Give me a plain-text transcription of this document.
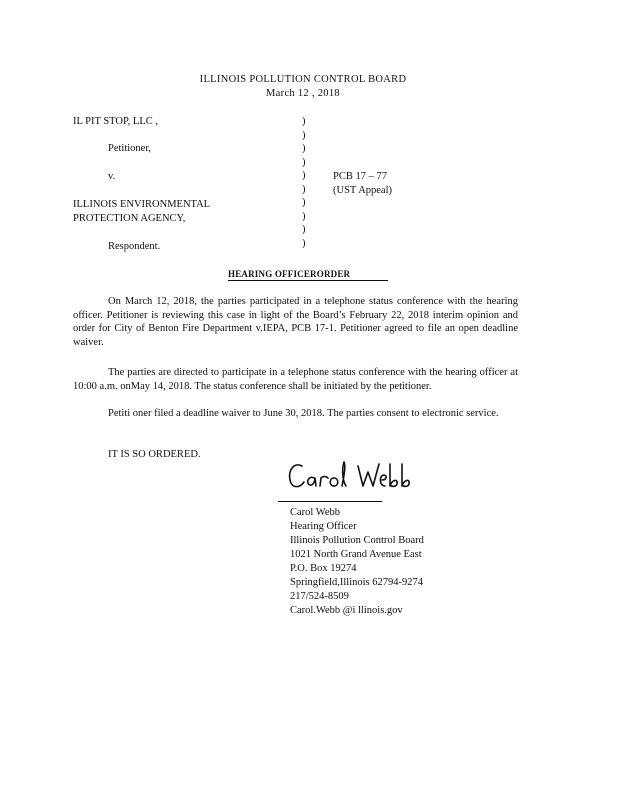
ILLINOIS POLLUTION CONTROL BOARD
March 12 , 2018
IL PIT STOP, LLC ,
Petitioner,
v.
ILLINOIS ENVIRONMENTAL
PROTECTION AGENCY,
Respondent.
)
)
)
)
)
)
)
)
)
)
PCB 17 – 77
(UST Appeal)
HEARING OFFICERORDER
On March 12, 2018, the parties participated in a telephone status conference with the hearing officer. Petitioner is reviewing this case in light of the Board’s February 22, 2018 interim opinion and order for City of Benton Fire Department v.IEPA, PCB 17-1. Petitioner agreed to file an open deadline waiver.
The parties are directed to participate in a telephone status conference with the hearing officer at 10:00 a.m. onMay 14, 2018. The status conference shall be initiated by the petitioner.
Petiti oner filed a deadline waiver to June 30, 2018. The parties consent to electronic service.
IT IS SO ORDERED.
Carol Webb
Hearing Officer
Illinois Pollution Control Board
1021 North Grand Avenue East
P.O. Box 19274
Springfield,Illinois 62794-9274
217/524-8509
Carol.Webb @i llinois.gov
